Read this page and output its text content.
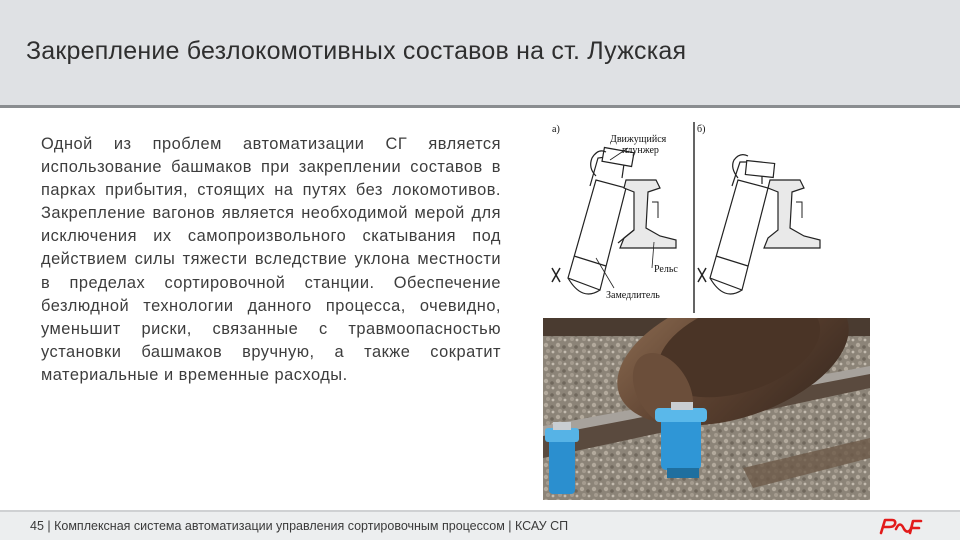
Закрепление безлокомотивных составов на ст. Лужская
Одной из проблем автоматизации СГ является использование башмаков при закреплении составов в парках прибытия, стоящих на путях без локомотивов. Закрепление вагонов является необходимой мерой для исключения их самопроизвольного скатывания под действием силы тяжести вследствие уклона местности в пределах сортировочной станции. Обеспечение безлюдной технологии данного процесса, очевидно, уменьшит риски, связанные с травмоопасностью установки башмаков вручную, а также сократит материальные и временные расходы.
а)	б)
Движущийся
плунжер
Рельс
Замедлитель
45 | Комплексная система автоматизации управления сортировочным процессом | КСАУ СП
